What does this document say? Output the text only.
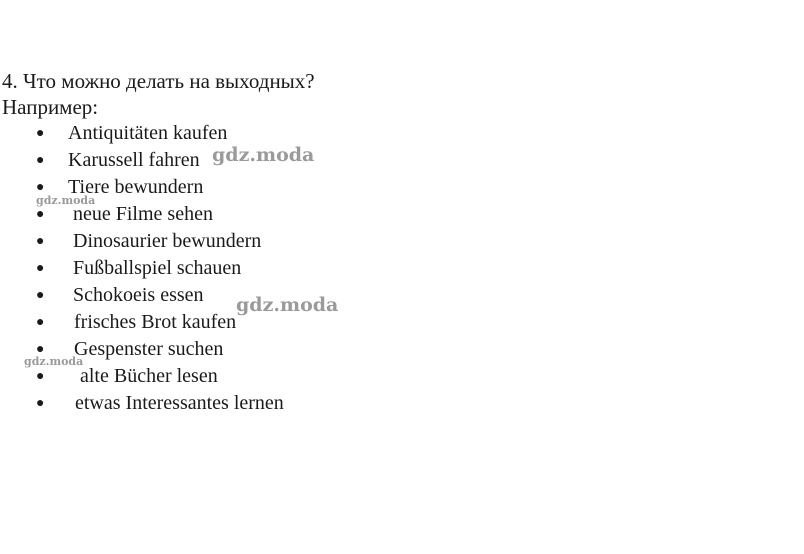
4. Что можно делать на выходных?
Например:
● Antiquitäten kaufen
● Karussell fahren
● Tiere bewundern
● neue Filme sehen
● Dinosaurier bewundern
● Fußballspiel schauen
● Schokoeis essen
● frisches Brot kaufen
● Gespenster suchen
● alte Bücher lesen
● etwas Interessantes lernen
gdz.moda
gdz.moda
gdz.moda
gdz.moda
